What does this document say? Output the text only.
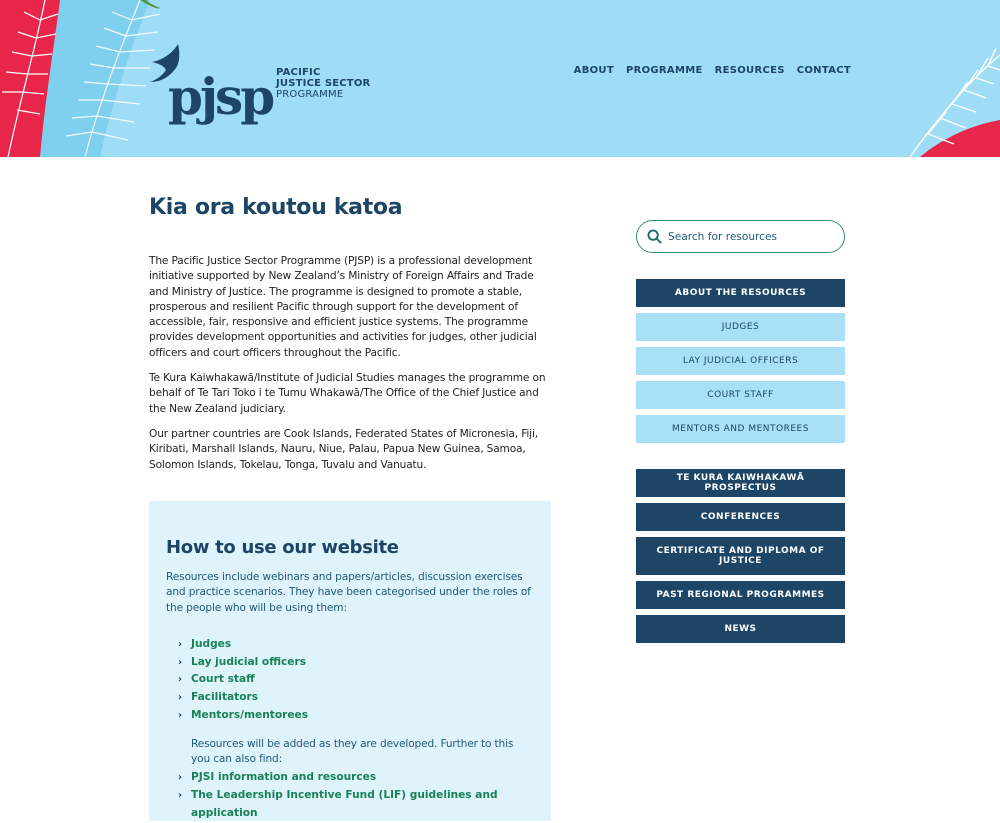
pjsp PACIFIC
JUSTICE SECTOR
PROGRAMME
ABOUT PROGRAMME RESOURCES CONTACT
Kia ora koutou katoa

The Pacific Justice Sector Programme (PJSP) is a professional development initiative supported by New Zealand’s Ministry of Foreign Affairs and Trade and Ministry of Justice. The programme is designed to promote a stable, prosperous and resilient Pacific through support for the development of accessible, fair, responsive and efficient justice systems. The programme provides development opportunities and activities for judges, other judicial officers and court officers throughout the Pacific.

Te Kura Kaiwhakawā/Institute of Judicial Studies manages the programme on behalf of Te Tari Toko i te Tumu Whakawā/The Office of the Chief Justice and the New Zealand judiciary.

Our partner countries are Cook Islands, Federated States of Micronesia, Fiji, Kiribati, Marshall Islands, Nauru, Niue, Palau, Papua New Guinea, Samoa, Solomon Islands, Tokelau, Tonga, Tuvalu and Vanuatu.

How to use our website

Resources include webinars and papers/articles, discussion exercises and practice scenarios. They have been categorised under the roles of the people who will be using them:

› Judges
› Lay judicial officers
› Court staff
› Facilitators
› Mentors/mentorees

Resources will be added as they are developed. Further to this you can also find:

› PJSI information and resources
› The Leadership Incentive Fund (LIF) guidelines and application
Search for resources
ABOUT THE RESOURCES
JUDGES
LAY JUDICIAL OFFICERS
COURT STAFF
MENTORS AND MENTOREES
TE KURA KAIWHAKAWĀ PROSPECTUS
CONFERENCES
CERTIFICATE AND DIPLOMA OF JUSTICE
PAST REGIONAL PROGRAMMES
NEWS
